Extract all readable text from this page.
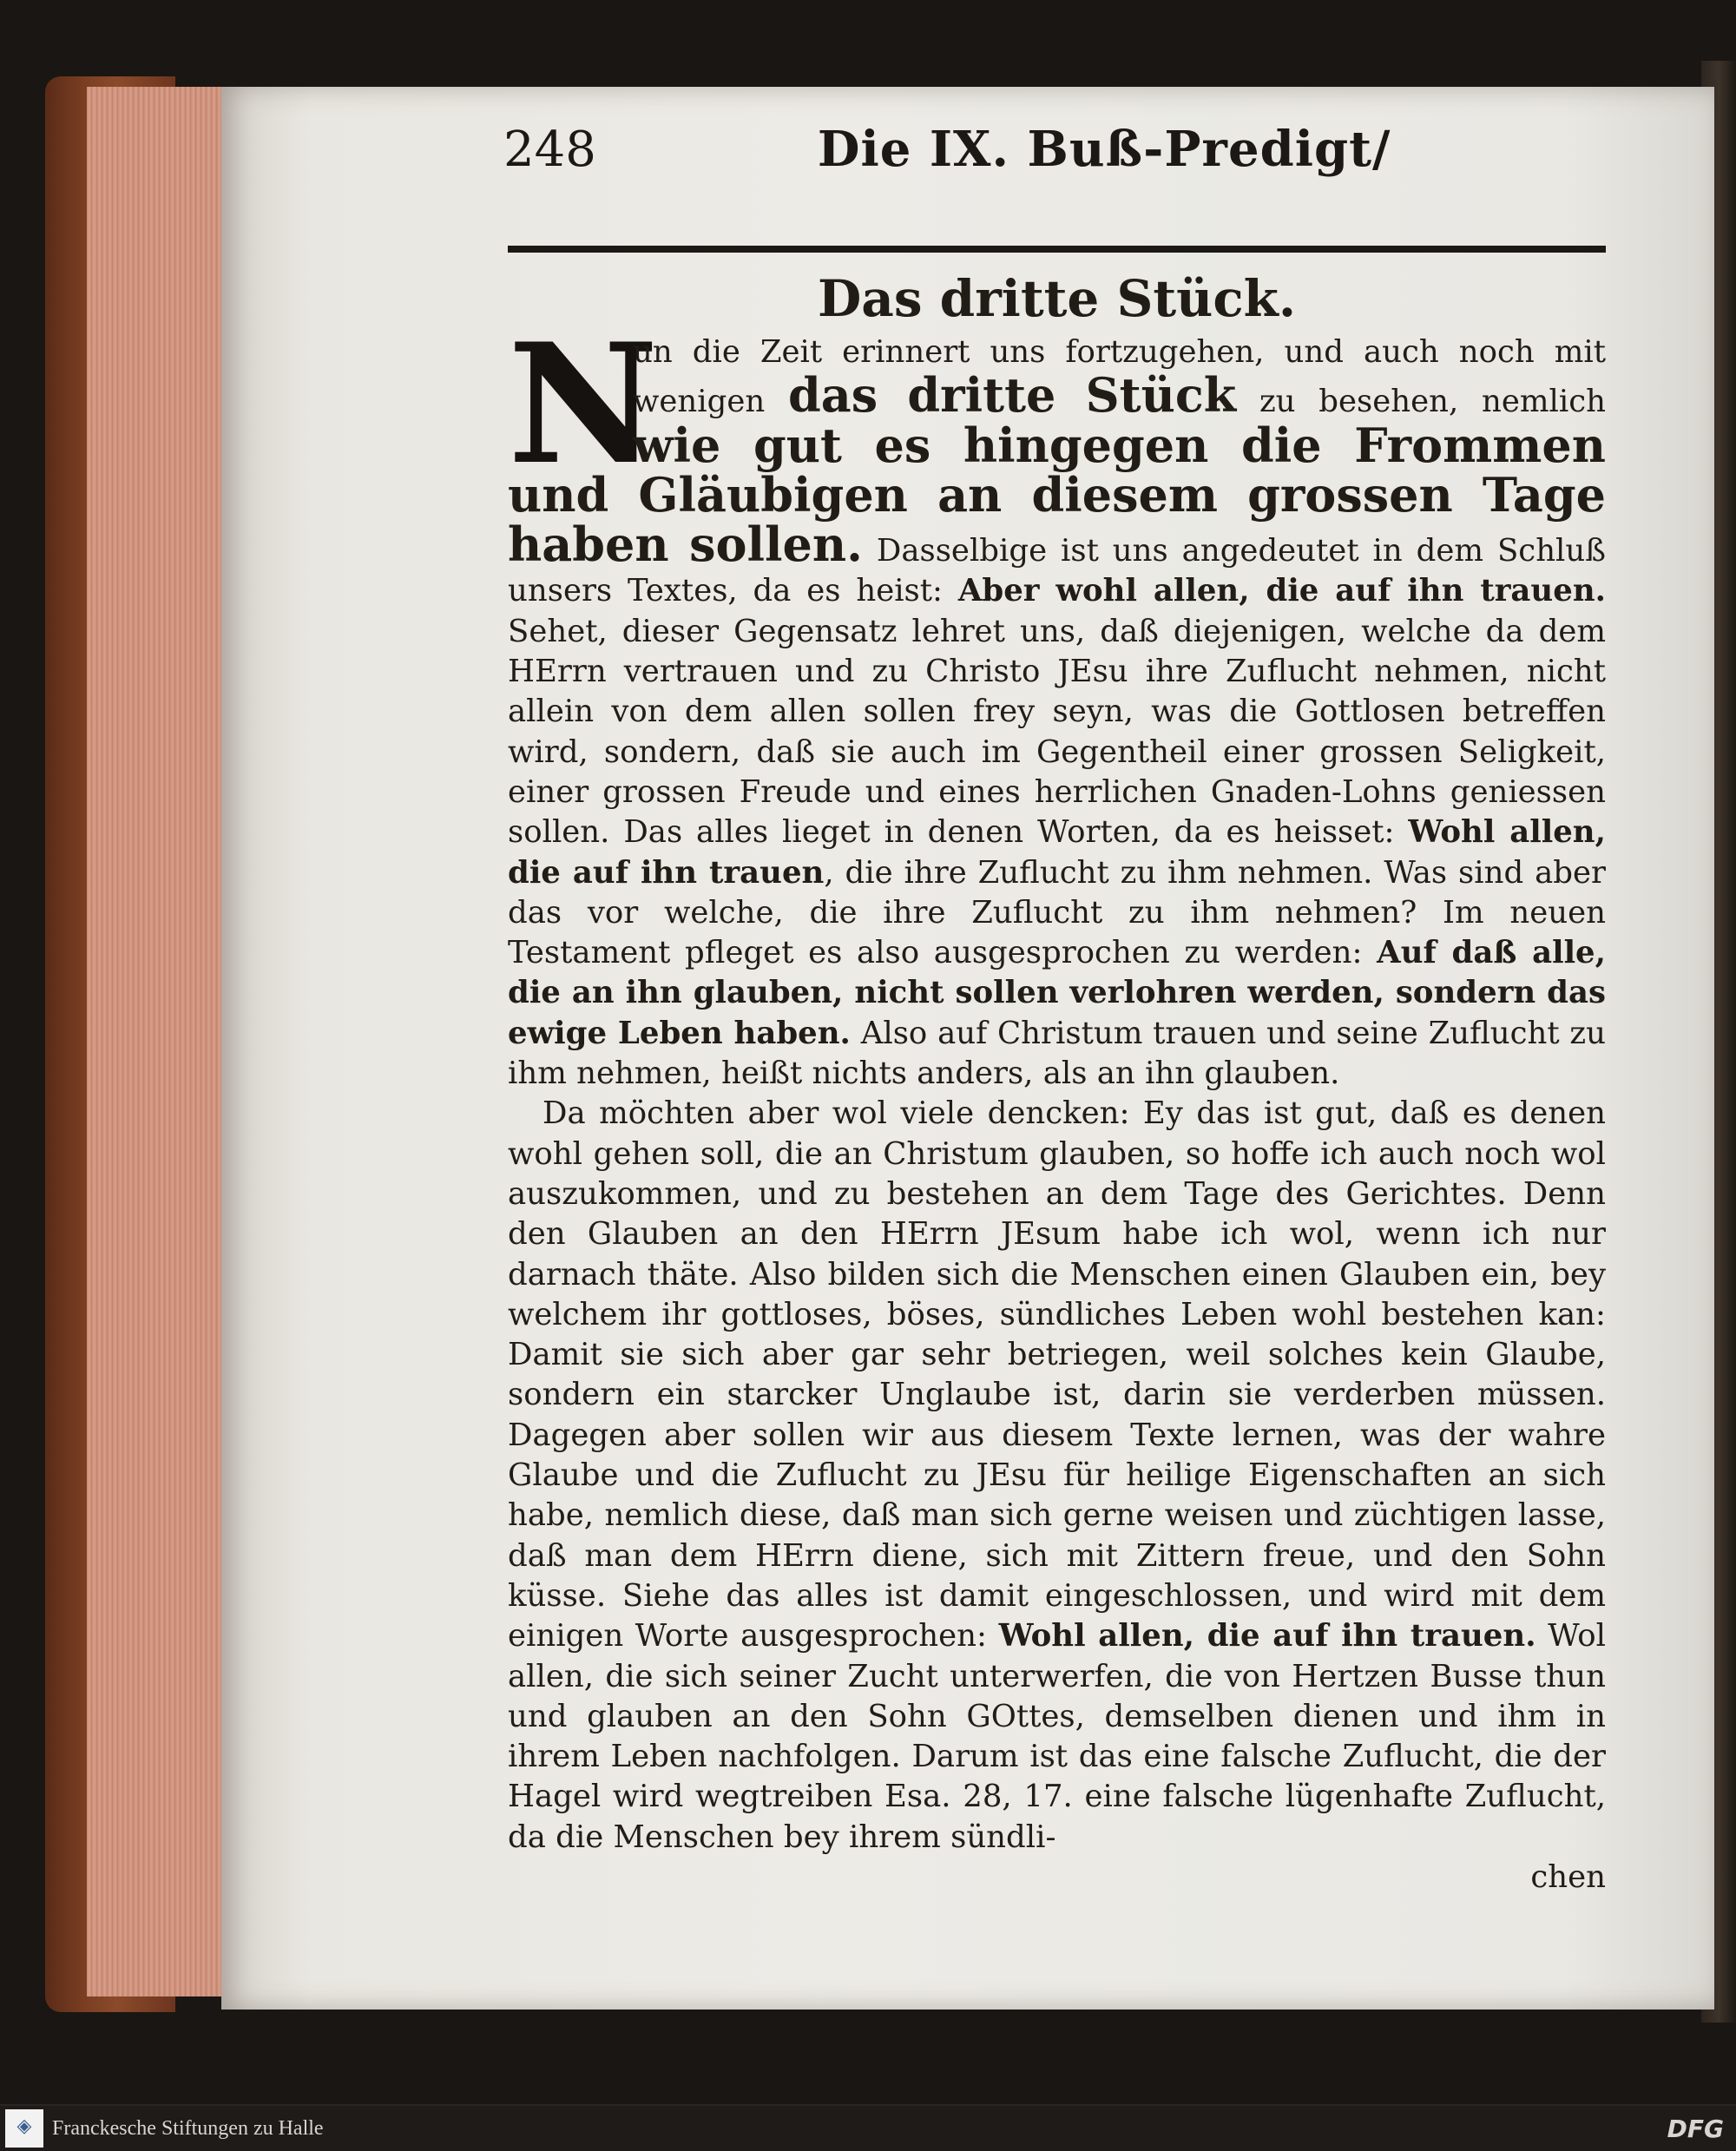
248	Die IX. Buß-Predigt/
Das dritte Stück.

N
un die Zeit erinnert uns fortzugehen, und auch noch mit wenigen das dritte Stück zu besehen, nemlich wie gut es hingegen die Frommen und Gläubigen an diesem grossen Tage haben sollen. Dasselbige ist uns angedeutet in dem Schluß unsers Textes, da es heist: Aber wohl allen, die auf ihn trauen. Sehet, dieser Gegensatz lehret uns, daß diejenigen, welche da dem HErrn vertrauen und zu Christo JEsu ihre Zuflucht nehmen, nicht allein von dem allen sollen frey seyn, was die Gottlosen betreffen wird, sondern, daß sie auch im Gegentheil einer grossen Seligkeit, einer grossen Freude und eines herrlichen Gnaden-Lohns geniessen sollen. Das alles lieget in denen Worten, da es heisset: Wohl allen, die auf ihn trauen, die ihre Zuflucht zu ihm nehmen. Was sind aber das vor welche, die ihre Zuflucht zu ihm nehmen? Im neuen Testament pfleget es also ausgesprochen zu werden: Auf daß alle, die an ihn glauben, nicht sollen verlohren werden, sondern das ewige Leben haben. Also auf Christum trauen und seine Zuflucht zu ihm nehmen, heißt nichts anders, als an ihn glauben.

Da möchten aber wol viele dencken: Ey das ist gut, daß es denen wohl gehen soll, die an Christum glauben, so hoffe ich auch noch wol auszukommen, und zu bestehen an dem Tage des Gerichtes. Denn den Glauben an den HErrn JEsum habe ich wol, wenn ich nur darnach thäte. Also bilden sich die Menschen einen Glauben ein, bey welchem ihr gottloses, böses, sündliches Leben wohl bestehen kan: Damit sie sich aber gar sehr betriegen, weil solches kein Glaube, sondern ein starcker Unglaube ist, darin sie verderben müssen. Dagegen aber sollen wir aus diesem Texte lernen, was der wahre Glaube und die Zuflucht zu JEsu für heilige Eigenschaften an sich habe, nemlich diese, daß man sich gerne weisen und züchtigen lasse, daß man dem HErrn diene, sich mit Zittern freue, und den Sohn küsse. Siehe das alles ist damit eingeschlossen, und wird mit dem einigen Worte ausgesprochen: Wohl allen, die auf ihn trauen. Wol allen, die sich seiner Zucht unterwerfen, die von Hertzen Busse thun und glauben an den Sohn GOttes, demselben dienen und ihm in ihrem Leben nachfolgen. Darum ist das eine falsche Zuflucht, die der Hagel wird wegtreiben Esa. 28, 17. eine falsche lügenhafte Zuflucht, da die Menschen bey ihrem sündli-

chen
◈ Franckesche Stiftungen zu Halle	DFG
